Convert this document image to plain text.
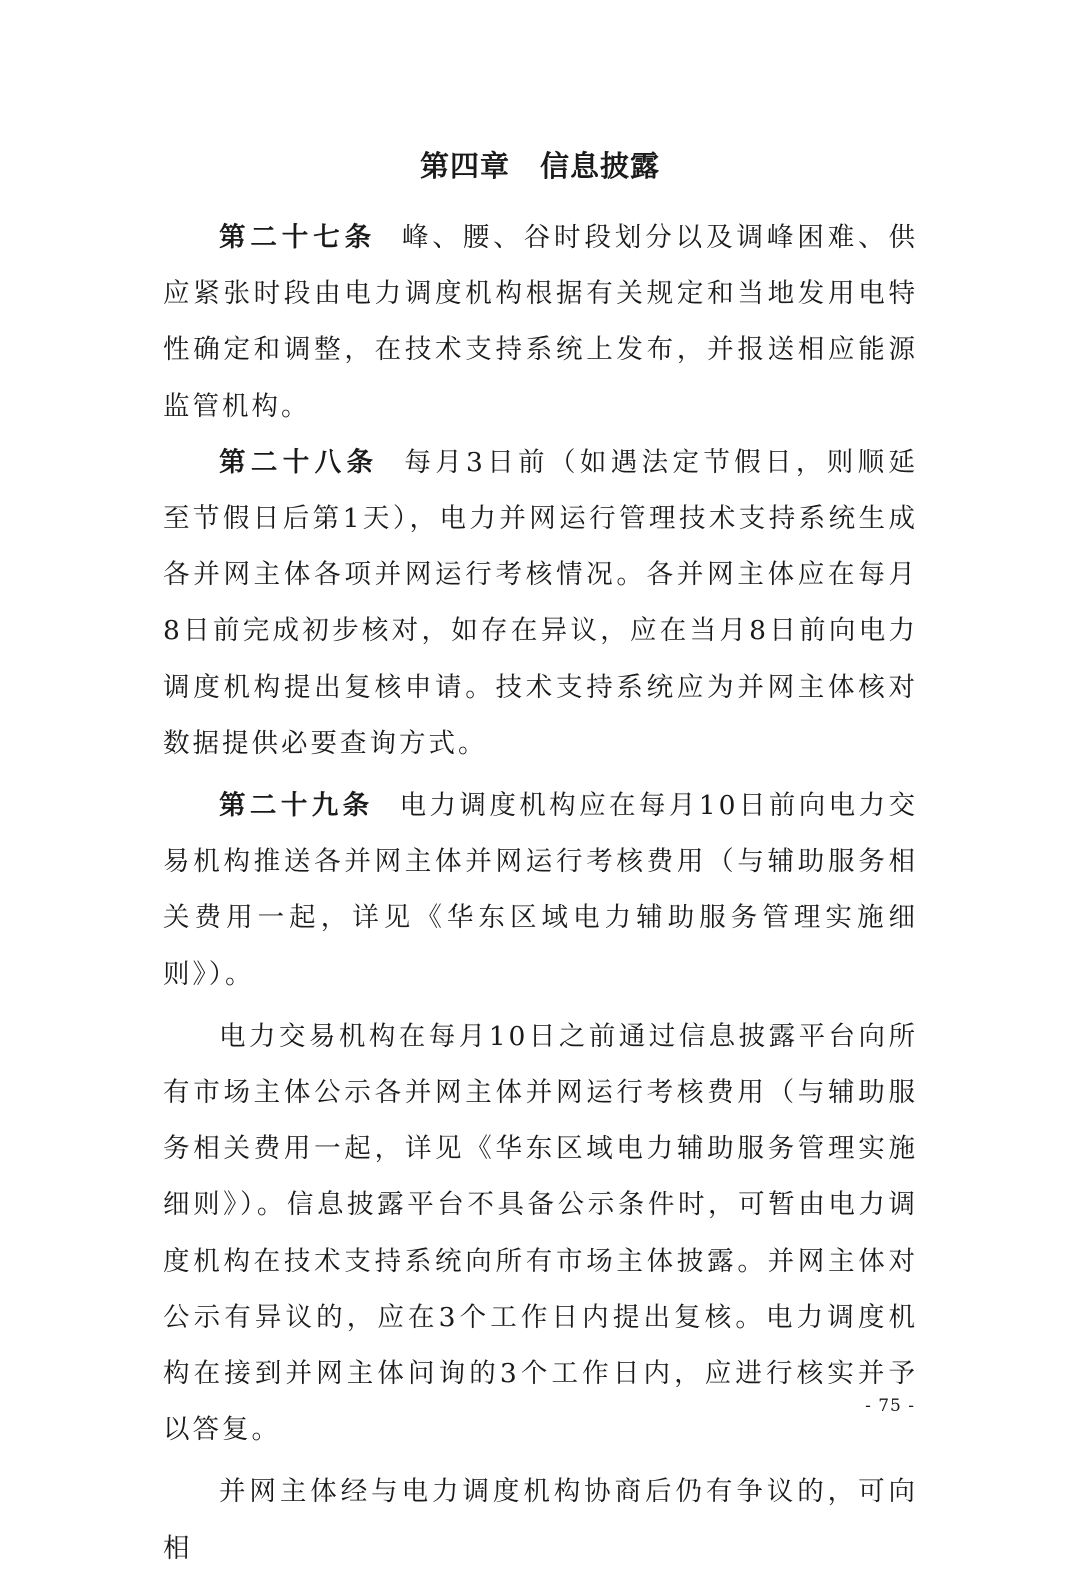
第四章　信息披露

第二十七条 峰、腰、谷时段划分以及调峰困难、供应紧张时段由电力调度机构根据有关规定和当地发用电特性确定和调整，在技术支持系统上发布，并报送相应能源监管机构。

第二十八条 每月3日前（如遇法定节假日，则顺延至节假日后第1天），电力并网运行管理技术支持系统生成各并网主体各项并网运行考核情况。各并网主体应在每月8日前完成初步核对，如存在异议，应在当月8日前向电力调度机构提出复核申请。技术支持系统应为并网主体核对数据提供必要查询方式。

第二十九条 电力调度机构应在每月10日前向电力交易机构推送各并网主体并网运行考核费用（与辅助服务相关费用一起，详见《华东区域电力辅助服务管理实施细则》）。

电力交易机构在每月10日之前通过信息披露平台向所有市场主体公示各并网主体并网运行考核费用（与辅助服务相关费用一起，详见《华东区域电力辅助服务管理实施细则》）。信息披露平台不具备公示条件时，可暂由电力调度机构在技术支持系统向所有市场主体披露。并网主体对公示有异议的，应在3个工作日内提出复核。电力调度机构在接到并网主体问询的3个工作日内，应进行核实并予以答复。

并网主体经与电力调度机构协商后仍有争议的，可向相

- 75 -
